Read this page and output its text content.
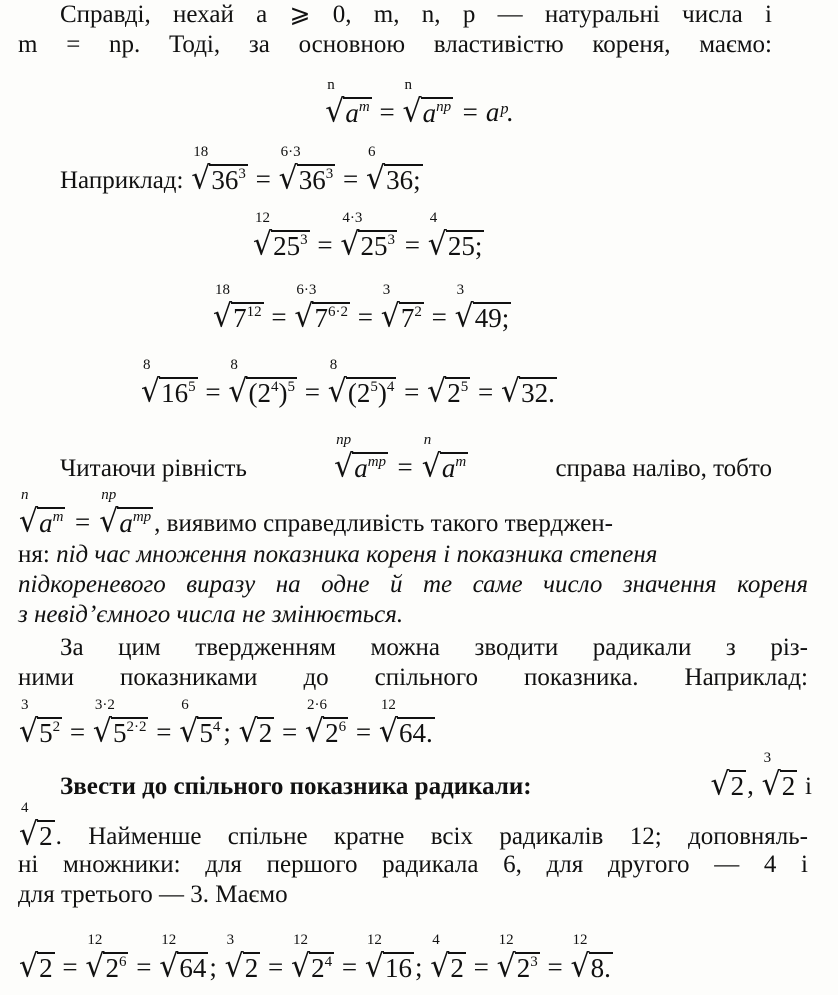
Справді, нехай a ⩾ 0, m, n, p — натуральні числа і
m = np. Тоді, за основною властивістю кореня, маємо:
n
√ $a^m$ =
n
√ $a^{np}$ = aᵖ.
Наприклад:
18
√ $36^3$ =
6·3
√ $36^3$ =
6
√ 36;
12
√ $25^3$ =
4·3
√ $25^3$ =
4
√ 25;
18
√ $7^{12}$ =
6·3
√ $7^{6\cdot 2}$ =
3
√ $7^2$ =
3
√ 49;
8
√ $16^5$ =
8
√ $(2^4)^5$ =
8
√ $(2^5)^4$ = √ $2^5$ = √ 32.
Читаючи рівність
np
√ $a^{mp}$ =
n
√ $a^m$	справа наліво, тобто
n
√ $a^m$ =
np
√ $a^{mp}$ , виявимо справедливість такого тверджен-
ня: під час множення показника кореня і показника степеня
підкореневого виразу на одне й те саме число значення кореня
з невід’ємного числа не змінюється.
За цим твердженням можна зводити радикали з різ-
ними показниками до спільного показника. Наприклад:
3
√ $5^2$ =
3·2
√ $5^{2\cdot 2}$ =
6
√ $5^4$ ; √ 2 =
2·6
√ $2^6$ =
12
√ 64.
Звести до спільного показника радикали:	√ 2 ,
3
√ 2 і
4
√ 2 . Найменше спільне кратне всіх радикалів 12; доповняль-
ні множники: для першого радикала 6, для другого — 4 і
для третього — 3. Маємо
√ 2 =
12
√ $2^6$ =
12
√ 64 ;
3
√ 2 =
12
√ $2^4$ =
12
√ 16 ;
4
√ 2 =
12
√ $2^3$ =
12
√ 8.
